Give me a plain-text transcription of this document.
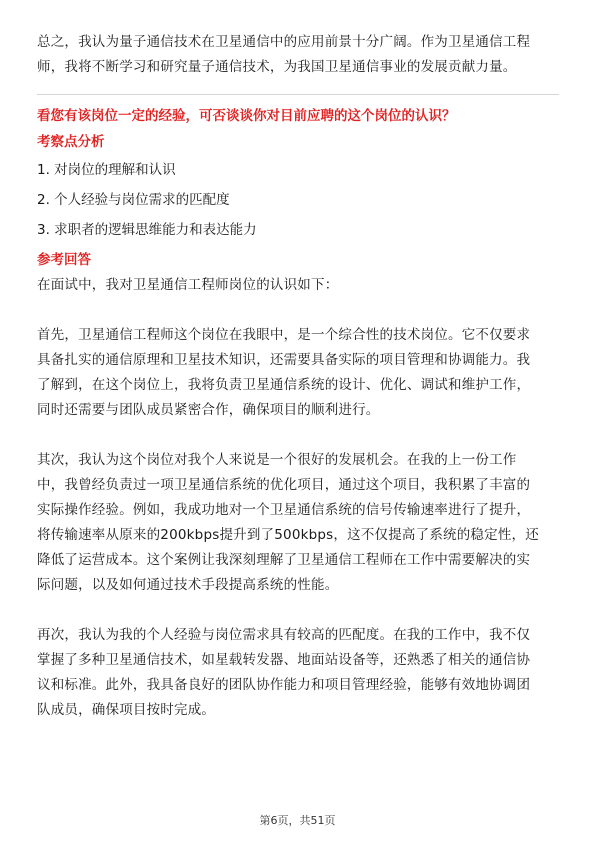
总之，我认为量子通信技术在卫星通信中的应用前景十分广阔。作为卫星通信工程
师，我将不断学习和研究量子通信技术，为我国卫星通信事业的发展贡献力量。

看您有该岗位一定的经验，可否谈谈你对目前应聘的这个岗位的认识？

考察点分析

1. 对岗位的理解和认识
2. 个人经验与岗位需求的匹配度
3. 求职者的逻辑思维能力和表达能力

参考回答

在面试中，我对卫星通信工程师岗位的认识如下：

首先，卫星通信工程师这个岗位在我眼中，是一个综合性的技术岗位。它不仅要求
具备扎实的通信原理和卫星技术知识，还需要具备实际的项目管理和协调能力。我
了解到，在这个岗位上，我将负责卫星通信系统的设计、优化、调试和维护工作，
同时还需要与团队成员紧密合作，确保项目的顺利进行。

其次，我认为这个岗位对我个人来说是一个很好的发展机会。在我的上一份工作
中，我曾经负责过一项卫星通信系统的优化项目，通过这个项目，我积累了丰富的
实际操作经验。例如，我成功地对一个卫星通信系统的信号传输速率进行了提升，
将传输速率从原来的200kbps提升到了500kbps，这不仅提高了系统的稳定性，还
降低了运营成本。这个案例让我深刻理解了卫星通信工程师在工作中需要解决的实
际问题，以及如何通过技术手段提高系统的性能。

再次，我认为我的个人经验与岗位需求具有较高的匹配度。在我的工作中，我不仅
掌握了多种卫星通信技术，如星载转发器、地面站设备等，还熟悉了相关的通信协
议和标准。此外，我具备良好的团队协作能力和项目管理经验，能够有效地协调团
队成员，确保项目按时完成。

第6页，共51页
